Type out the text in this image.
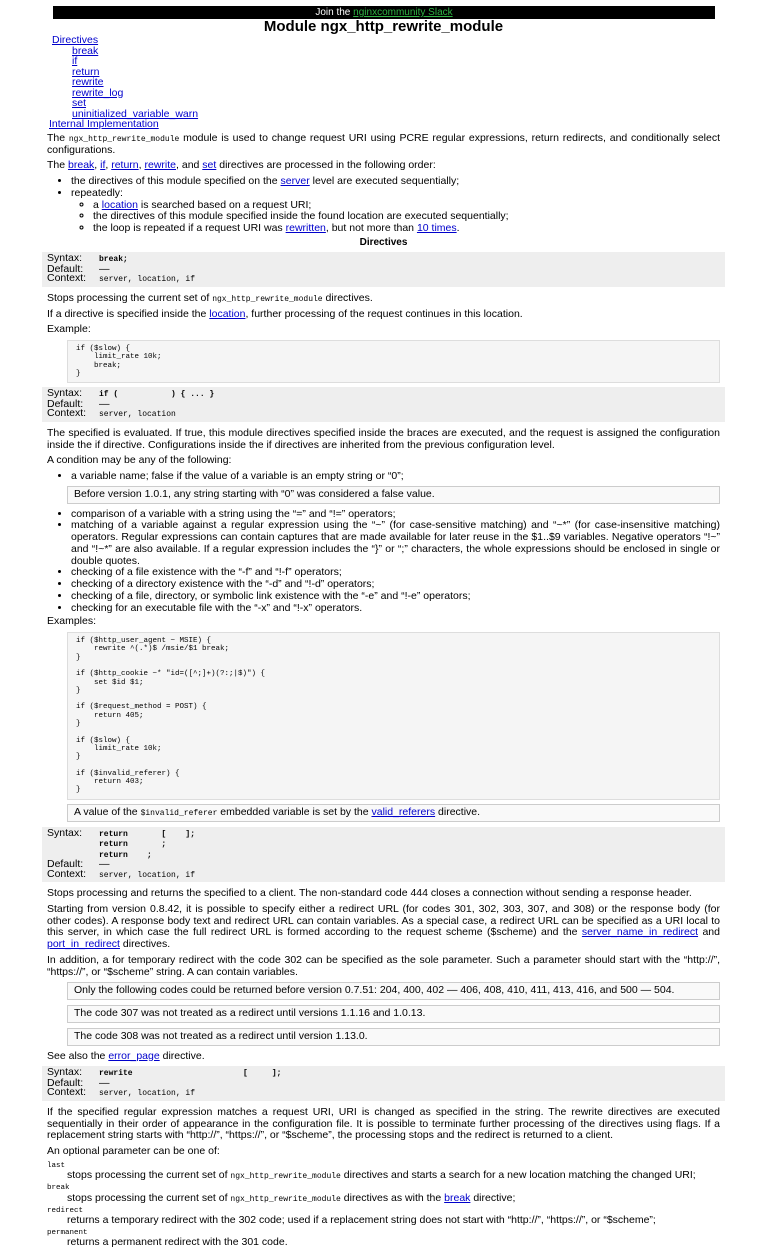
Join the nginxcommunity Slack
Module ngx_http_rewrite_module
Directives
break
if
return
rewrite
rewrite_log
set
uninitialized_variable_warn
Internal Implementation

The ngx_http_rewrite_module module is used to change request URI using PCRE regular expressions, return redirects, and conditionally select configurations.

The break, if, return, rewrite, and set directives are processed in the following order:

• the directives of this module specified on the server level are executed sequentially;
• repeatedly:
◦ a location is searched based on a request URI;
◦ the directives of this module specified inside the found location are executed sequentially;
◦ the loop is repeated if a request URI was rewritten, but not more than 10 times.
Directives
Syntax:	break;
Default:	—
Context:	server, location, if

Stops processing the current set of ngx_http_rewrite_module directives.

If a directive is specified inside the location, further processing of the request continues in this location.

Example:

if ($slow) {
limit_rate 10k;
break;
}
Syntax:	if (           ) { ... }
Default:	—
Context:	server, location

The specified is evaluated. If true, this module directives specified inside the braces are executed, and the request is assigned the configuration inside the if directive. Configurations inside the if directives are inherited from the previous configuration level.

A condition may be any of the following:

• a variable name; false if the value of a variable is an empty string or “0”;
Before version 1.0.1, any string starting with “0” was considered a false value.
• comparison of a variable with a string using the “=” and “!=” operators;
• matching of a variable against a regular expression using the “~” (for case-sensitive matching) and “~*” (for case-insensitive matching) operators. Regular expressions can contain captures that are made available for later reuse in the $1..$9 variables. Negative operators “!~” and “!~*” are also available. If a regular expression includes the “}” or “;” characters, the whole expressions should be enclosed in single or double quotes.
• checking of a file existence with the “-f” and “!-f” operators;
• checking of a directory existence with the “-d” and “!-d” operators;
• checking of a file, directory, or symbolic link existence with the “-e” and “!-e” operators;
• checking for an executable file with the “-x” and “!-x” operators.

Examples:

if ($http_user_agent ~ MSIE) {
rewrite ^(.*)$ /msie/$1 break;
}

if ($http_cookie ~* "id=([^;]+)(?:;|$)") {
set $id $1;
}

if ($request_method = POST) {
return 405;
}

if ($slow) {
limit_rate 10k;
}

if ($invalid_referer) {
return 403;
}
A value of the $invalid_referer embedded variable is set by the valid_referers directive.
Syntax:	return       [    ];
return       ;
return    ;
Default:	—
Context:	server, location, if

Stops processing and returns the specified to a client. The non-standard code 444 closes a connection without sending a response header.

Starting from version 0.8.42, it is possible to specify either a redirect URL (for codes 301, 302, 303, 307, and 308) or the response body (for other codes). A response body text and redirect URL can contain variables. As a special case, a redirect URL can be specified as a URI local to this server, in which case the full redirect URL is formed according to the request scheme ($scheme) and the server_name_in_redirect and port_in_redirect directives.

In addition, a for temporary redirect with the code 302 can be specified as the sole parameter. Such a parameter should start with the “http://”, “https://”, or “$scheme” string. A can contain variables.

Only the following codes could be returned before version 0.7.51: 204, 400, 402 — 406, 408, 410, 411, 413, 416, and 500 — 504.
The code 307 was not treated as a redirect until versions 1.1.16 and 1.0.13.
The code 308 was not treated as a redirect until version 1.13.0.

See also the error_page directive.

Syntax:	rewrite                       [     ];
Default:	—
Context:	server, location, if

If the specified regular expression matches a request URI, URI is changed as specified in the string. The rewrite directives are executed sequentially in their order of appearance in the configuration file. It is possible to terminate further processing of the directives using flags. If a replacement string starts with “http://”, “https://”, or “$scheme”, the processing stops and the redirect is returned to a client.

An optional parameter can be one of:

last
stops processing the current set of ngx_http_rewrite_module directives and starts a search for a new location matching the changed URI;
break
stops processing the current set of ngx_http_rewrite_module directives as with the break directive;
redirect
returns a temporary redirect with the 302 code; used if a replacement string does not start with “http://”, “https://”, or “$scheme”;
permanent
returns a permanent redirect with the 301 code.
